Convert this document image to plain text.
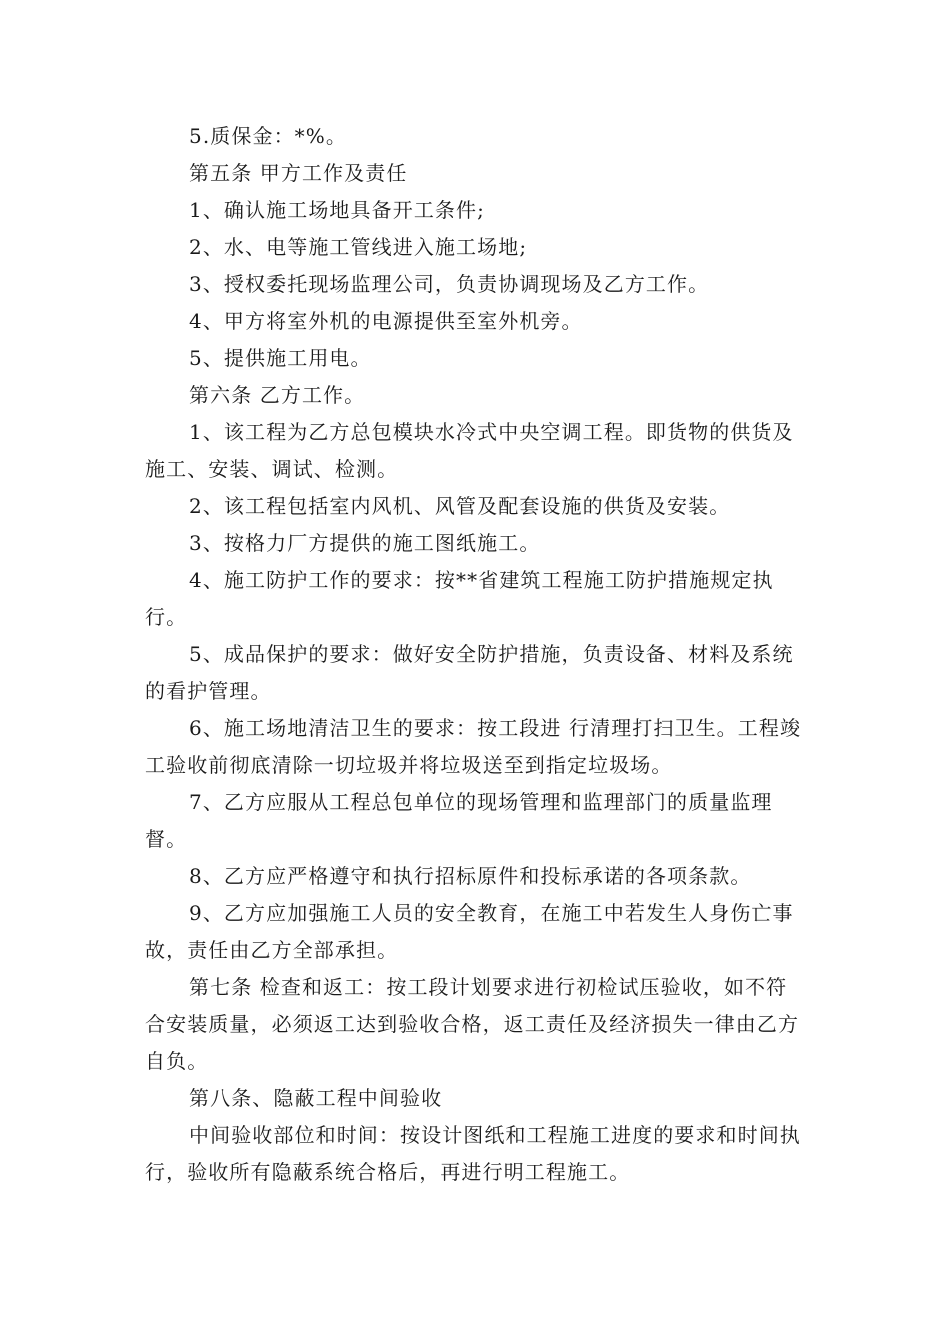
5.质保金：*%。

第五条 甲方工作及责任

1、确认施工场地具备开工条件;

2、水、电等施工管线进入施工场地;

3、授权委托现场监理公司，负责协调现场及乙方工作。

4、甲方将室外机的电源提供至室外机旁。

5、提供施工用电。

第六条 乙方工作。

1、该工程为乙方总包模块水冷式中央空调工程。即货物的供货及施工、安装、调试、检测。

2、该工程包括室内风机、风管及配套设施的供货及安装。

3、按格力厂方提供的施工图纸施工。

4、施工防护工作的要求：按**省建筑工程施工防护措施规定执行。

5、成品保护的要求：做好安全防护措施，负责设备、材料及系统的看护管理。

6、施工场地清洁卫生的要求：按工段进 行清理打扫卫生。工程竣工验收前彻底清除一切垃圾并将垃圾送至到指定垃圾场。

7、乙方应服从工程总包单位的现场管理和监理部门的质量监理督。

8、乙方应严格遵守和执行招标原件和投标承诺的各项条款。

9、乙方应加强施工人员的安全教育，在施工中若发生人身伤亡事故，责任由乙方全部承担。

第七条 检查和返工：按工段计划要求进行初检试压验收，如不符合安装质量，必须返工达到验收合格，返工责任及经济损失一律由乙方自负。

第八条、隐蔽工程中间验收

中间验收部位和时间：按设计图纸和工程施工进度的要求和时间执行，验收所有隐蔽系统合格后，再进行明工程施工。
